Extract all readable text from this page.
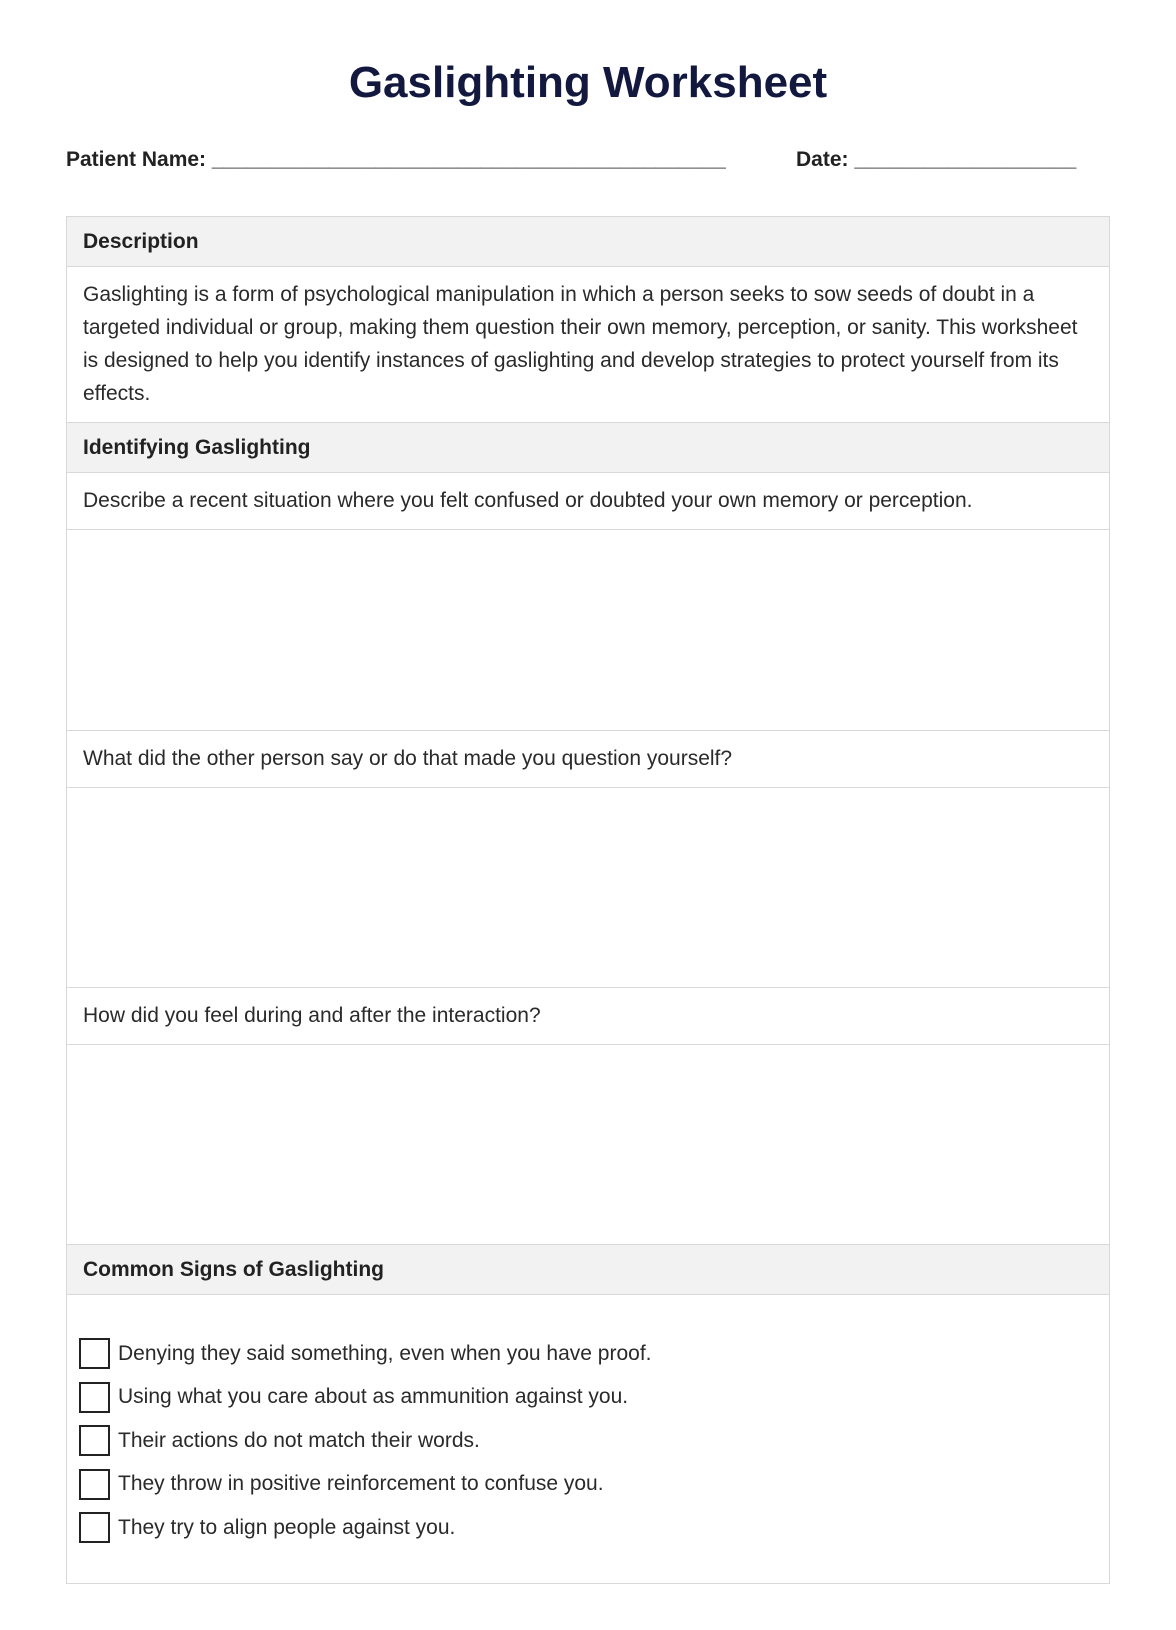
Gaslighting Worksheet
Patient Name: ____________________________________________	Date: ___________________
Description
Gaslighting is a form of psychological manipulation in which a person seeks to sow seeds of doubt in a targeted individual or group, making them question their own memory, perception, or sanity. This worksheet is designed to help you identify instances of gaslighting and develop strategies to protect yourself from its effects.
Identifying Gaslighting
Describe a recent situation where you felt confused or doubted your own memory or perception.
What did the other person say or do that made you question yourself?
How did you feel during and after the interaction?
Common Signs of Gaslighting
Denying they said something, even when you have proof.
Using what you care about as ammunition against you.
Their actions do not match their words.
They throw in positive reinforcement to confuse you.
They try to align people against you.
